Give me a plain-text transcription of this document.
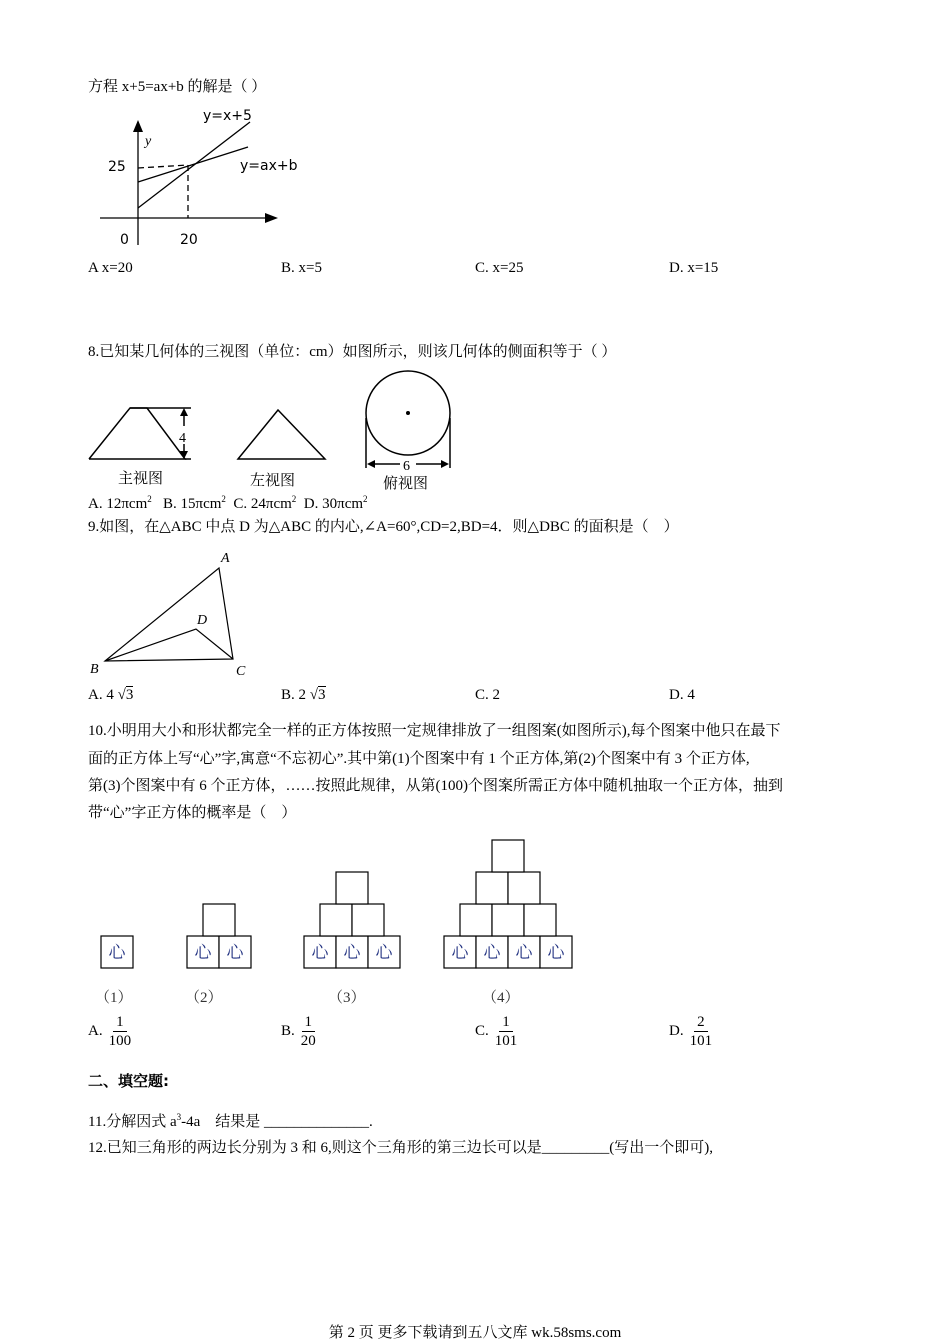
方程 x+5=ax+b 的解是（ ）
y
y=x+5
y=ax+b
25
0	20
A x=20	B. x=5	C. x=25	D. x=15
8.已知某几何体的三视图（单位：cm）如图所示，则该几何体的侧面积等于（ ）
4
6
主视图	左视图	俯视图
A. 12πcm$^2$ B. 15πcm$^2$ C. 24πcm$^2$ D. 30πcm$^2$
9.如图，在△ABC 中点 D 为△ABC 的内心,∠A=60°,CD=2,BD=4．则△DBC 的面积是（　）
A
B	C
D
A. 4 √3	B. 2 √3	C. 2	D. 4
10.小明用大小和形状都完全一样的正方体按照一定规律排放了一组图案(如图所示),每个图案中他只在最下
面的正方体上写“心”字,寓意“不忘初心”.其中第(1)个图案中有 1 个正方体,第(2)个图案中有 3 个正方体,
第(3)个图案中有 6 个正方体，……按照此规律，从第(100)个图案所需正方体中随机抽取一个正方体，抽到
带“心”字正方体的概率是（　）
心	心 心	心 心 心	心 心 心 心
（1）	（2）	（3）	（4）
A.
1
100
B.
1
20
C.
1
101
D.
2
101
二、填空题:
11.分解因式 $a^3-4a$　结果是 ______________.
12.已知三角形的两边长分别为 3 和 6,则这个三角形的第三边长可以是_________(写出一个即可),
第 2 页 更多下载请到五八文库 wk.58sms.com
